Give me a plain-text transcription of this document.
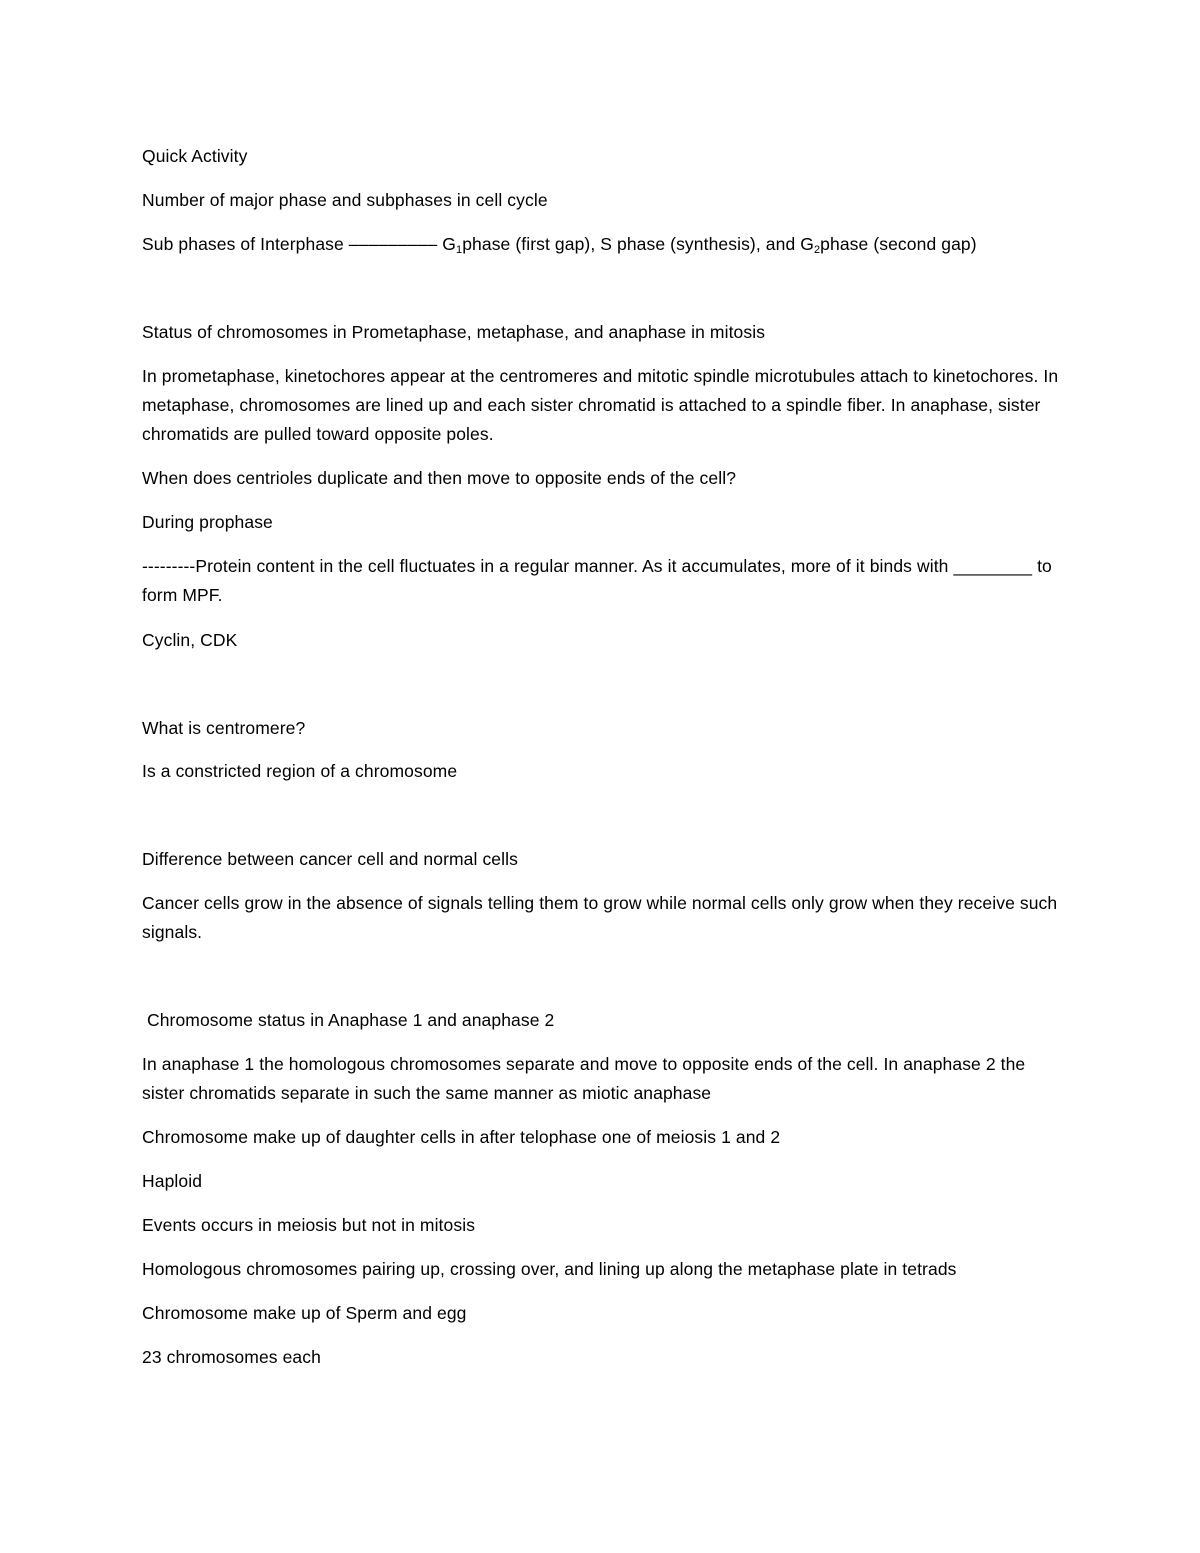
Quick Activity

Number of major phase and subphases in cell cycle

Sub phases of Interphase ––––––––– $G_1phase$ (first gap), S phase (synthesis), and $G_2phase$ (second gap)

Status of chromosomes in Prometaphase, metaphase, and anaphase in mitosis

In prometaphase, kinetochores appear at the centromeres and mitotic spindle microtubules attach to kinetochores. In metaphase, chromosomes are lined up and each sister chromatid is attached to a spindle fiber. In anaphase, sister chromatids are pulled toward opposite poles.

When does centrioles duplicate and then move to opposite ends of the cell?

During prophase

---------Protein content in the cell fluctuates in a regular manner. As it accumulates, more of it binds with ________ to form MPF.

Cyclin, CDK

What is centromere?

Is a constricted region of a chromosome

Difference between cancer cell and normal cells

Cancer cells grow in the absence of signals telling them to grow while normal cells only grow when they receive such signals.

Chromosome status in Anaphase 1 and anaphase 2

In anaphase 1 the homologous chromosomes separate and move to opposite ends of the cell. In anaphase 2 the sister chromatids separate in such the same manner as miotic anaphase

Chromosome make up of daughter cells in after telophase one of meiosis 1 and 2

Haploid

Events occurs in meiosis but not in mitosis

Homologous chromosomes pairing up, crossing over, and lining up along the metaphase plate in tetrads

Chromosome make up of Sperm and egg

23 chromosomes each
